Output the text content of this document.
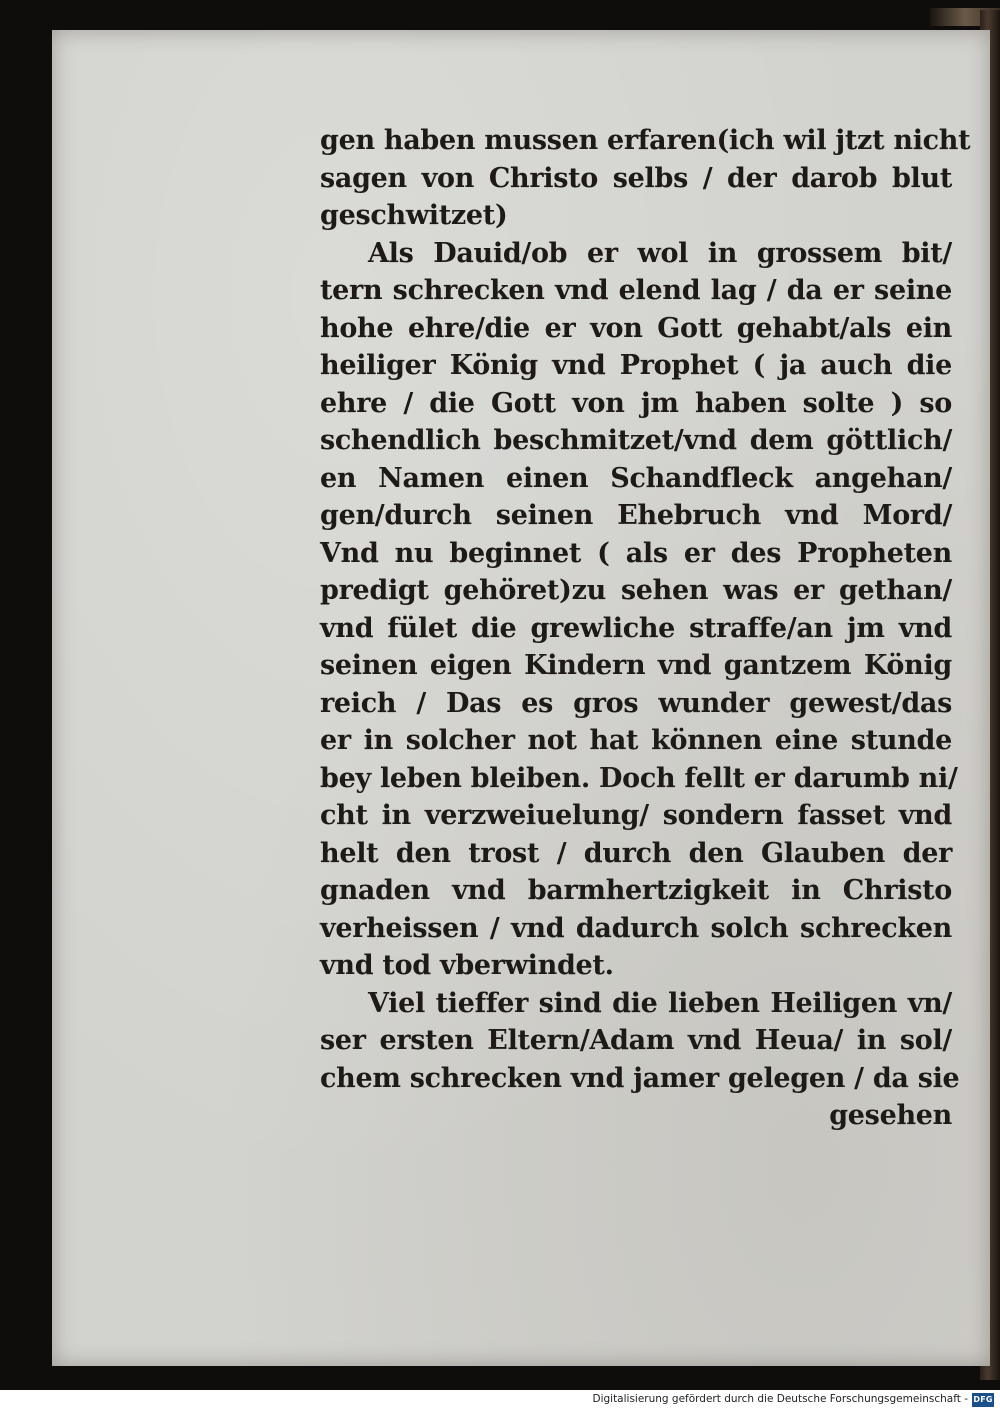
gen haben mussen erfaren(ich wil jtzt nicht
sagen von Christo selbs / der darob blut
geschwitzet)
Als Dauid/ob er wol in grossem bit/
tern schrecken vnd elend lag / da er seine
hohe ehre/die er von Gott gehabt/als ein
heiliger König vnd Prophet ( ja auch die
ehre / die Gott von jm haben solte ) so
schendlich beschmitzet/vnd dem göttlich/
en Namen einen Schandfleck angehan/
gen/durch seinen Ehebruch vnd Mord/
Vnd nu beginnet ( als er des Propheten
predigt gehöret)zu sehen was er gethan/
vnd fület die grewliche straffe/an jm vnd
seinen eigen Kindern vnd gantzem König
reich / Das es gros wunder gewest/das
er in solcher not hat können eine stunde
bey leben bleiben. Doch fellt er darumb ni/
cht in verzweiuelung/ sondern fasset vnd
helt den trost / durch den Glauben der
gnaden vnd barmhertzigkeit in Christo
verheissen / vnd dadurch solch schrecken
vnd tod vberwindet.
Viel tieffer sind die lieben Heiligen vn/
ser ersten Eltern/Adam vnd Heua/ in sol/
chem schrecken vnd jamer gelegen / da sie
gesehen
Digitalisierung gefördert durch die Deutsche Forschungsgemeinschaft - DFG
